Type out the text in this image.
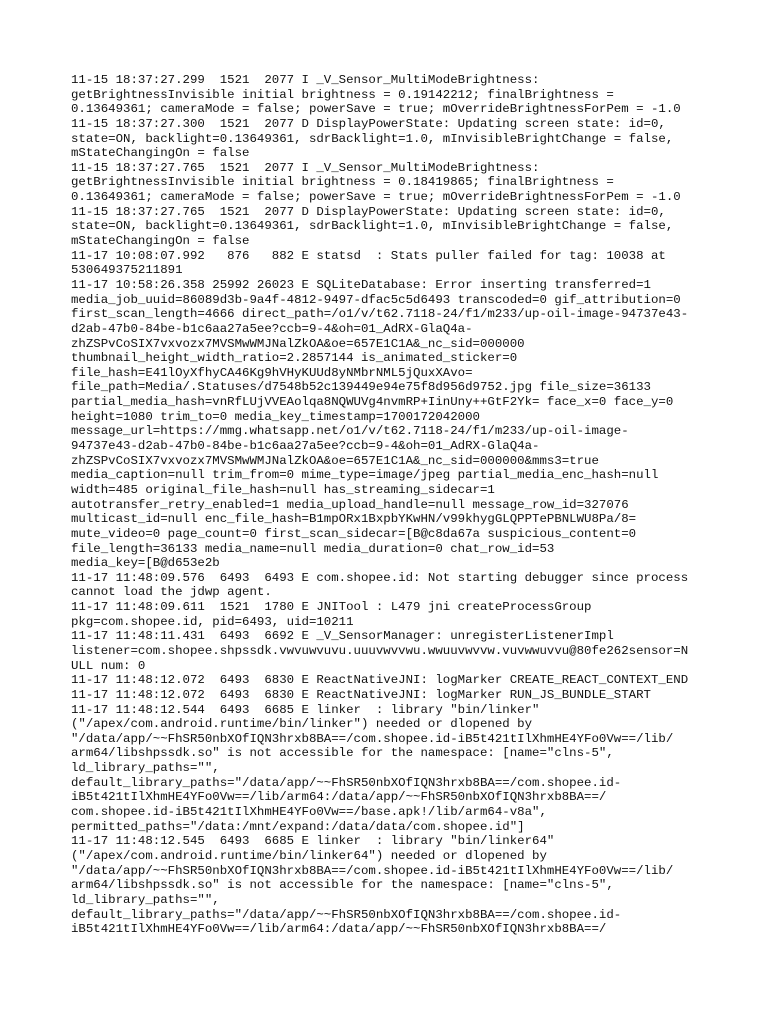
11-15 18:37:27.299  1521  2077 I _V_Sensor_MultiModeBrightness:
getBrightnessInvisible initial brightness = 0.19142212; finalBrightness =
0.13649361; cameraMode = false; powerSave = true; mOverrideBrightnessForPem = -1.0
11-15 18:37:27.300  1521  2077 D DisplayPowerState: Updating screen state: id=0,
state=ON, backlight=0.13649361, sdrBacklight=1.0, mInvisibleBrightChange = false,
mStateChangingOn = false
11-15 18:37:27.765  1521  2077 I _V_Sensor_MultiModeBrightness:
getBrightnessInvisible initial brightness = 0.18419865; finalBrightness =
0.13649361; cameraMode = false; powerSave = true; mOverrideBrightnessForPem = -1.0
11-15 18:37:27.765  1521  2077 D DisplayPowerState: Updating screen state: id=0,
state=ON, backlight=0.13649361, sdrBacklight=1.0, mInvisibleBrightChange = false,
mStateChangingOn = false
11-17 10:08:07.992   876   882 E statsd  : Stats puller failed for tag: 10038 at
530649375211891
11-17 10:58:26.358 25992 26023 E SQLiteDatabase: Error inserting transferred=1
media_job_uuid=86089d3b-9a4f-4812-9497-dfac5c5d6493 transcoded=0 gif_attribution=0
first_scan_length=4666 direct_path=/o1/v/t62.7118-24/f1/m233/up-oil-image-94737e43-
d2ab-47b0-84be-b1c6aa27a5ee?ccb=9-4&oh=01_AdRX-GlaQ4a-
zhZSPvCoSIX7vxvozx7MVSMwWMJNalZkOA&oe=657E1C1A&_nc_sid=000000
thumbnail_height_width_ratio=2.2857144 is_animated_sticker=0
file_hash=E41lOyXfhyCA46Kg9hVHyKUUd8yNMbrNML5jQuxXAvo=
file_path=Media/.Statuses/d7548b52c139449e94e75f8d956d9752.jpg file_size=36133
partial_media_hash=vnRfLUjVVEAolqa8NQWUVg4nvmRP+IinUny++GtF2Yk= face_x=0 face_y=0
height=1080 trim_to=0 media_key_timestamp=1700172042000
message_url=https://mmg.whatsapp.net/o1/v/t62.7118-24/f1/m233/up-oil-image-
94737e43-d2ab-47b0-84be-b1c6aa27a5ee?ccb=9-4&oh=01_AdRX-GlaQ4a-
zhZSPvCoSIX7vxvozx7MVSMwWMJNalZkOA&oe=657E1C1A&_nc_sid=000000&mms3=true
media_caption=null trim_from=0 mime_type=image/jpeg partial_media_enc_hash=null
width=485 original_file_hash=null has_streaming_sidecar=1
autotransfer_retry_enabled=1 media_upload_handle=null message_row_id=327076
multicast_id=null enc_file_hash=B1mpORx1BxpbYKwHN/v99khygGLQPPTePBNLWU8Pa/8=
mute_video=0 page_count=0 first_scan_sidecar=[B@c8da67a suspicious_content=0
file_length=36133 media_name=null media_duration=0 chat_row_id=53
media_key=[B@d653e2b
11-17 11:48:09.576  6493  6493 E com.shopee.id: Not starting debugger since process
cannot load the jdwp agent.
11-17 11:48:09.611  1521  1780 E JNITool : L479 jni createProcessGroup
pkg=com.shopee.id, pid=6493, uid=10211
11-17 11:48:11.431  6493  6692 E _V_SensorManager: unregisterListenerImpl
listener=com.shopee.shpssdk.vwvuwvuvu.uuuvwvvwu.wwuuvwvvw.vuvwwuvvu@80fe262sensor=N
ULL num: 0
11-17 11:48:12.072  6493  6830 E ReactNativeJNI: logMarker CREATE_REACT_CONTEXT_END
11-17 11:48:12.072  6493  6830 E ReactNativeJNI: logMarker RUN_JS_BUNDLE_START
11-17 11:48:12.544  6493  6685 E linker  : library "bin/linker"
("/apex/com.android.runtime/bin/linker") needed or dlopened by
"/data/app/~~FhSR50nbXOfIQN3hrxb8BA==/com.shopee.id-iB5t421tIlXhmHE4YFo0Vw==/lib/
arm64/libshpssdk.so" is not accessible for the namespace: [name="clns-5",
ld_library_paths="",
default_library_paths="/data/app/~~FhSR50nbXOfIQN3hrxb8BA==/com.shopee.id-
iB5t421tIlXhmHE4YFo0Vw==/lib/arm64:/data/app/~~FhSR50nbXOfIQN3hrxb8BA==/
com.shopee.id-iB5t421tIlXhmHE4YFo0Vw==/base.apk!/lib/arm64-v8a",
permitted_paths="/data:/mnt/expand:/data/data/com.shopee.id"]
11-17 11:48:12.545  6493  6685 E linker  : library "bin/linker64"
("/apex/com.android.runtime/bin/linker64") needed or dlopened by
"/data/app/~~FhSR50nbXOfIQN3hrxb8BA==/com.shopee.id-iB5t421tIlXhmHE4YFo0Vw==/lib/
arm64/libshpssdk.so" is not accessible for the namespace: [name="clns-5",
ld_library_paths="",
default_library_paths="/data/app/~~FhSR50nbXOfIQN3hrxb8BA==/com.shopee.id-
iB5t421tIlXhmHE4YFo0Vw==/lib/arm64:/data/app/~~FhSR50nbXOfIQN3hrxb8BA==/
